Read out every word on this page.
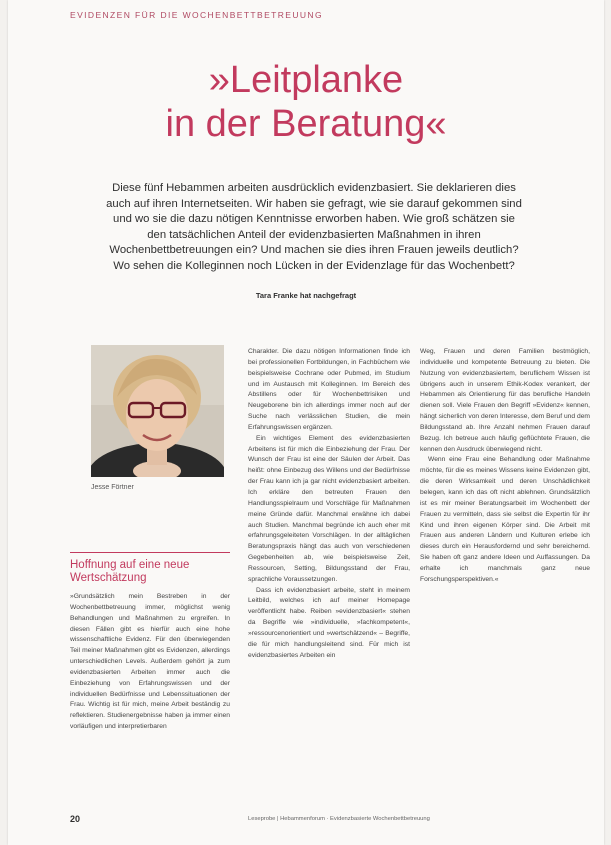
EVIDENZEN FÜR DIE WOCHENBETTBETREUUNG
»Leitplanke
in der Beratung«
Diese fünf Hebammen arbeiten ausdrücklich evidenzbasiert. Sie deklarieren dies auch auf ihren Internetseiten. Wir haben sie gefragt, wie sie darauf gekommen sind und wo sie die dazu nötigen Kenntnisse erworben haben. Wie groß schätzen sie den tatsächlichen Anteil der evidenzbasierten Maßnahmen in ihren Wochenbettbetreuungen ein? Und machen sie dies ihren Frauen jeweils deutlich? Wo sehen die Kolleginnen noch Lücken in der Evidenzlage für das Wochenbett?
Tara Franke hat nachgefragt
Jesse Förtner
Hoffnung auf eine neue Wertschätzung

»Grundsätzlich mein Bestreben in der Wochenbettbetreuung immer, möglichst wenig Behandlungen und Maßnahmen zu ergreifen. In diesen Fällen gibt es hierfür auch eine hohe wissenschaftliche Evidenz. Für den überwiegenden Teil meiner Maßnahmen gibt es Evidenzen, allerdings unterschiedlichen Levels. Außerdem gehört ja zum evidenzbasierten Arbeiten immer auch die Einbeziehung von Erfahrungswissen und der individuellen Bedürfnisse und Lebenssituationen der Frau. Wichtig ist für mich, meine Arbeit beständig zu reflektieren. Studienergebnisse haben ja immer einen vorläufigen und interpretierbaren

Charakter. Die dazu nötigen Informationen finde ich bei professionellen Fortbildungen, in Fachbüchern wie beispielsweise Cochrane oder Pubmed, im Studium und im Austausch mit Kolleginnen. Im Bereich des Abstillens oder für Wochenbettrisiken und Neugeborene bin ich allerdings immer noch auf der Suche nach verlässlichen Studien, die mein Erfahrungswissen ergänzen.

Ein wichtiges Element des evidenzbasierten Arbeitens ist für mich die Einbeziehung der Frau. Der Wunsch der Frau ist eine der Säulen der Arbeit. Das heißt: ohne Einbezug des Willens und der Bedürfnisse der Frau kann ich ja gar nicht evidenzbasiert arbeiten. Ich erkläre den betreuten Frauen den Handlungsspielraum und Vorschläge für Maßnahmen meine Gründe dafür. Manchmal erwähne ich dabei auch Studien. Manchmal begründe ich auch eher mit erfahrungsgeleiteten Vorschlägen. In der alltäglichen Beratungspraxis hängt das auch von verschiedenen Gegebenheiten ab, wie beispielsweise Zeit, Ressourcen, Setting, Bildungsstand der Frau, sprachliche Voraussetzungen.

Dass ich evidenzbasiert arbeite, steht in meinem Leitbild, welches ich auf meiner Homepage veröffentlicht habe. Reiben »evidenzbasiert« stehen da Begriffe wie »individuelle, »fachkompetent«, »ressourcenorientiert und »wertschätzend« – Begriffe, die für mich handlungsleitend sind. Für mich ist evidenzbasiertes Arbeiten ein

Weg, Frauen und deren Familien bestmöglich, individuelle und kompetente Betreuung zu bieten. Die Nutzung von evidenzbasiertem, beruflichem Wissen ist übrigens auch in unserem Ethik-Kodex verankert, der Hebammen als Orientierung für das berufliche Handeln dienen soll. Viele Frauen den Begriff »Evidenz« kennen, hängt sicherlich von deren Interesse, dem Beruf und dem Bildungsstand ab. Ihre Anzahl nehmen Frauen darauf Bezug. Ich betreue auch häufig geflüchtete Frauen, die kennen den Ausdruck überwiegend nicht.

Wenn eine Frau eine Behandlung oder Maßnahme möchte, für die es meines Wissens keine Evidenzen gibt, die deren Wirksamkeit und deren Unschädlichkeit belegen, kann ich das oft nicht ablehnen. Grundsätzlich ist es mir meiner Beratungsarbeit im Wochenbett der Frauen zu vermitteln, dass sie selbst die Expertin für ihr Kind und ihren eigenen Körper sind. Die Arbeit mit Frauen aus anderen Ländern und Kulturen erlebe ich dieses durch ein Herausfordernd und sehr bereichernd. Sie haben oft ganz andere Ideen und Auffassungen. Da erhalte ich manchmals ganz neue Forschungsperspektiven.«

20	Leseprobe | Hebammenforum · Evidenzbasierte Wochenbettbetreuung
